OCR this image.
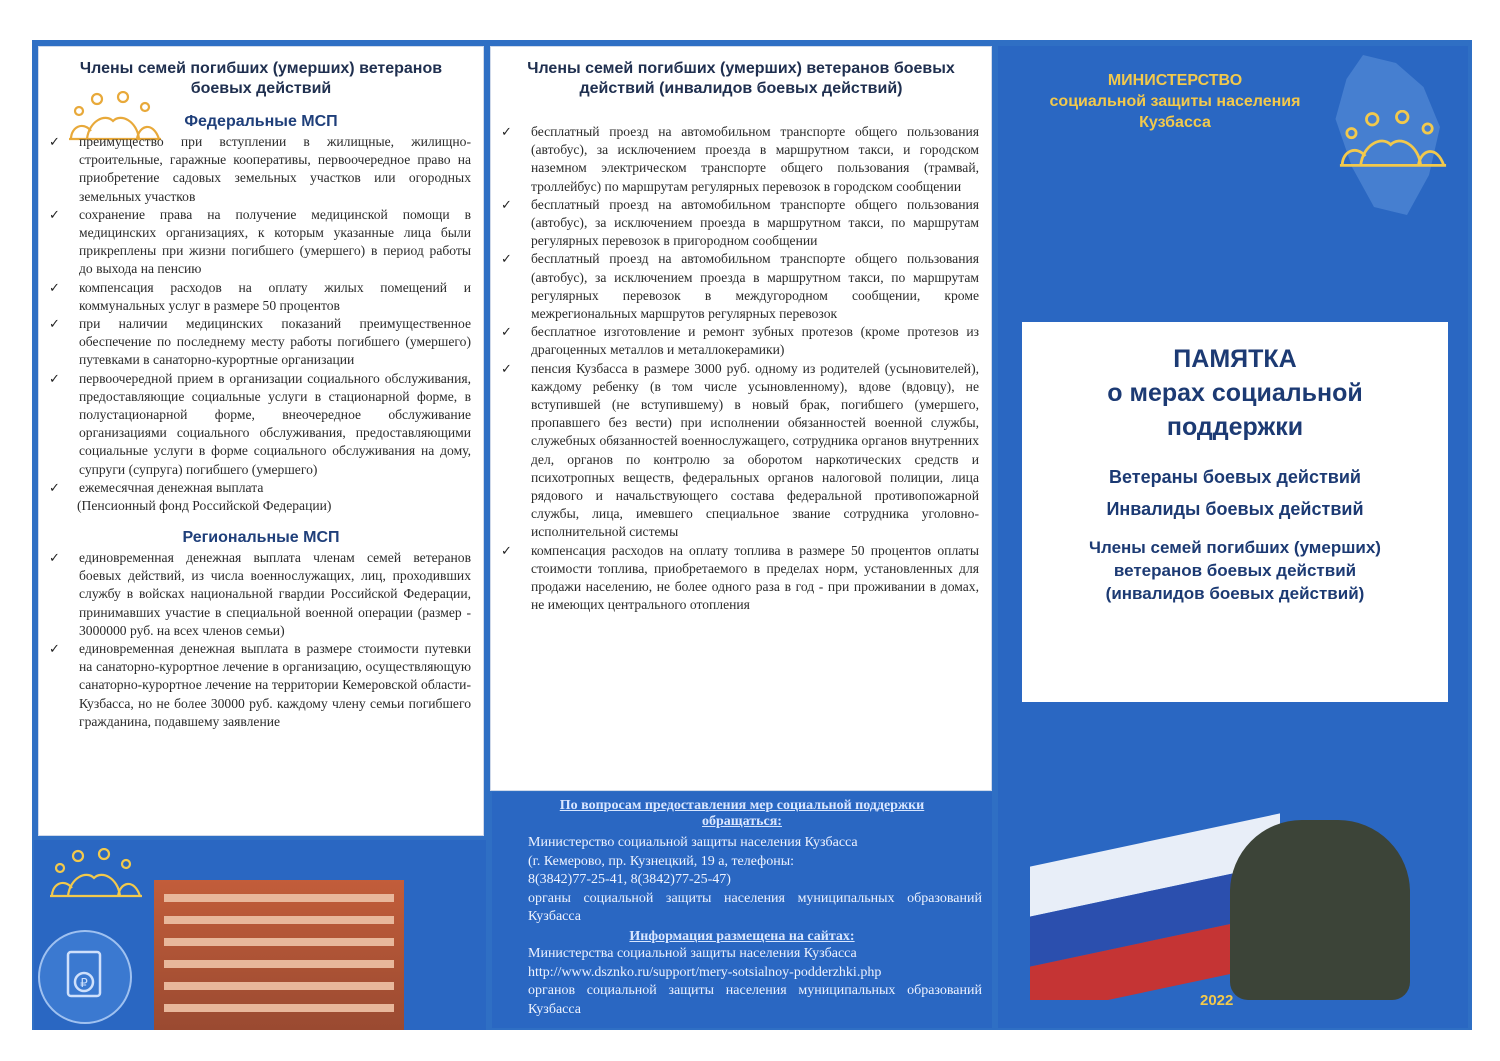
Члены семей погибших (умерших) ветеранов боевых действий
Федеральные МСП
✓ преимущество при вступлении в жилищные, жилищно-строительные, гаражные кооперативы, первоочередное право на приобретение садовых земельных участков или огородных земельных участков
✓ сохранение права на получение медицинской помощи в медицинских организациях, к которым указанные лица были прикреплены при жизни погибшего (умершего) в период работы до выхода на пенсию
✓ компенсация расходов на оплату жилых помещений и коммунальных услуг в размере 50 процентов
✓ при наличии медицинских показаний преимущественное обеспечение по последнему месту работы погибшего (умершего) путевками в санаторно-курортные организации
✓ первоочередной прием в организации социального обслуживания, предоставляющие социальные услуги в стационарной форме, в полустационарной форме, внеочередное обслуживание организациями социального обслуживания, предоставляющими социальные услуги в форме социального обслуживания на дому, супруги (супруга) погибшего (умершего)
✓ ежемесячная денежная выплата
(Пенсионный фонд Российской Федерации)
Региональные МСП
✓ единовременная денежная выплата членам семей ветеранов боевых действий, из числа военнослужащих, лиц, проходивших службу в войсках национальной гвардии Российской Федерации, принимавших участие в специальной военной операции (размер - 3000000 руб. на всех членов семьи)
✓ единовременная денежная выплата в размере стоимости путевки на санаторно-курортное лечение в организацию, осуществляющую санаторно-курортное лечение на территории Кемеровской области-Кузбасса, но не более 30000 руб. каждому члену семьи погибшего гражданина, подавшему заявление
₽
Члены семей погибших (умерших) ветеранов боевых действий (инвалидов боевых действий)
✓ бесплатный проезд на автомобильном транспорте общего пользования (автобус), за исключением проезда в маршрутном такси, и городском наземном электрическом транспорте общего пользования (трамвай, троллейбус) по маршрутам регулярных перевозок в городском сообщении
✓ бесплатный проезд на автомобильном транспорте общего пользования (автобус), за исключением проезда в маршрутном такси, по маршрутам регулярных перевозок в пригородном сообщении
✓ бесплатный проезд на автомобильном транспорте общего пользования (автобус), за исключением проезда в маршрутном такси, по маршрутам регулярных перевозок в междугородном сообщении, кроме межрегиональных маршрутов регулярных перевозок
✓ бесплатное изготовление и ремонт зубных протезов (кроме протезов из драгоценных металлов и металлокерамики)
✓ пенсия Кузбасса в размере 3000 руб. одному из родителей (усыновителей), каждому ребенку (в том числе усыновленному), вдове (вдовцу), не вступившей (не вступившему) в новый брак, погибшего (умершего, пропавшего без вести) при исполнении обязанностей военной службы, служебных обязанностей военнослужащего, сотрудника органов внутренних дел, органов по контролю за оборотом наркотических средств и психотропных веществ, федеральных органов налоговой полиции, лица рядового и начальствующего состава федеральной противопожарной службы, лица, имевшего специальное звание сотрудника уголовно-исполнительной системы
✓ компенсация расходов на оплату топлива в размере 50 процентов оплаты стоимости топлива, приобретаемого в пределах норм, установленных для продажи населению, не более одного раза в год - при проживании в домах, не имеющих центрального отопления
По вопросам предоставления мер социальной поддержки обращаться:
Министерство социальной защиты населения Кузбасса
(г. Кемерово, пр. Кузнецкий, 19 а, телефоны:
8(3842)77-25-41, 8(3842)77-25-47)
органы социальной защиты населения муниципальных образований Кузбасса
Информация размещена на сайтах:
Министерства социальной защиты населения Кузбасса
http://www.dsznko.ru/support/mery-sotsialnoy-podderzhki.php
органов социальной защиты населения муниципальных образований Кузбасса
МИНИСТЕРСТВО
социальной защиты населения
Кузбасса
ПАМЯТКА
о мерах социальной
поддержки
Ветераны боевых действий
Инвалиды боевых действий
Члены семей погибших (умерших) ветеранов боевых действий (инвалидов боевых действий)
2022
